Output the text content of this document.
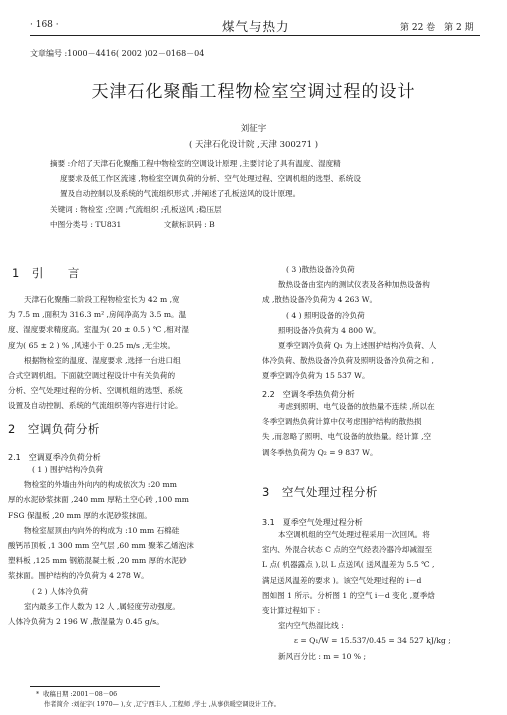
· 168 ·	煤气与热力	第 22 卷　第 2 期
文章编号 :1000－4416( 2002 )02－0168－04
天津石化聚酯工程物检室空调过程的设计
刘征宇
( 天津石化设计院 ,天津 300271 )
摘要 :介绍了天津石化聚酯工程中物检室的空调设计原理 ,主要讨论了具有温度、湿度精
度要求及低工作区流速 ,物检室空调负荷的分析、空气处理过程、空调机组的选型、系统设
置及自动控制以及系统的气流组织形式 ,并阐述了孔板送风的设计原理。
关键词 : 物检室 ;空调 ;气流组织 ;孔板送风 ;稳压层
中图分类号 : TU831	文献标识码 : B
1　引　　言
天津石化聚酯二阶段工程物检室长为 42 m ,宽
为 7.5 m ,面积为 316.3 m² ,房间净高为 3.5 m。温
度、湿度要求精度高。室温为( 20 ± 0.5 ) ℃ ,相对湿
度为( 65 ± 2 ) % ,风速小于 0.25 m/s ,无尘埃。
根据物检室的温度、湿度要求 ,选择一台进口组
合式空调机组。下面就空调过程设计中有关负荷的
分析、空气处理过程的分析、空调机组的选型、系统
设置及自动控制、系统的气流组织等内容进行讨论。
2　空调负荷分析
2.1　空调夏季冷负荷分析
( 1 ) 围护结构冷负荷
物检室的外墙由外向内的构成依次为 :20 mm
厚的水泥砂浆抹面 ,240 mm 厚粘土空心砖 ,100 mm
FSG 保温板 ,20 mm 厚的水泥砂浆抹面。
物检室屋顶由内向外的构成为 :10 mm 石棉硅
酸钙吊顶板 ,1 300 mm 空气层 ,60 mm 聚苯乙烯泡沫
塑料板 ,125 mm 钢筋混凝土板 ,20 mm 厚的水泥砂
浆抹面。围护结构的冷负荷为 4 278 W。
( 2 ) 人体冷负荷
室内最多工作人数为 12 人 ,属轻度劳动强度。
人体冷负荷为 2 196 W ,散湿量为 0.45 g/s。
( 3 )散热设备冷负荷
散热设备由室内的测试仪表及各种加热设备构
成 ,散热设备冷负荷为 4 263 W。
( 4 ) 照明设备的冷负荷
照明设备冷负荷为 4 800 W。
夏季空调冷负荷 Q₁ 为上述围护结构冷负荷、人
体冷负荷、散热设备冷负荷及照明设备冷负荷之和 ,
夏季空调冷负荷为 15 537 W。
2.2　空调冬季热负荷分析
考虑到照明、电气设备的放热量不连续 ,所以在
冬季空调热负荷计算中仅考虑围护结构的散热损
失 ,而忽略了照明、电气设备的放热量。经计算 ,空
调冬季热负荷为 Q₂ = 9 837 W。
3　空气处理过程分析
3.1　夏季空气处理过程分析
本空调机组的空气处理过程采用一次回风。将
室内、外混合状态 C 点的空气经表冷器冷却减湿至
L 点( 机器露点 ),以 L 点送风( 送风温差为 5.5 ℃ ,
满足送风温差的要求 )。该空气处理过程的 i－d
图如图 1 所示。分析图 1 的空气 i－d 变化 ,夏季焓
变计算过程如下 :
室内空气热湿比线 :
ε = Q₁/W = 15.537/0.45 = 34 527 kJ/kg ;
新风百分比 : m = 10 % ;
* 收稿日期 :2001－08－06
作者简介 :刘征宇( 1970— ),女 ,辽宁西丰人 ,工程师 ,学士 ,从事供暖空调设计工作。
